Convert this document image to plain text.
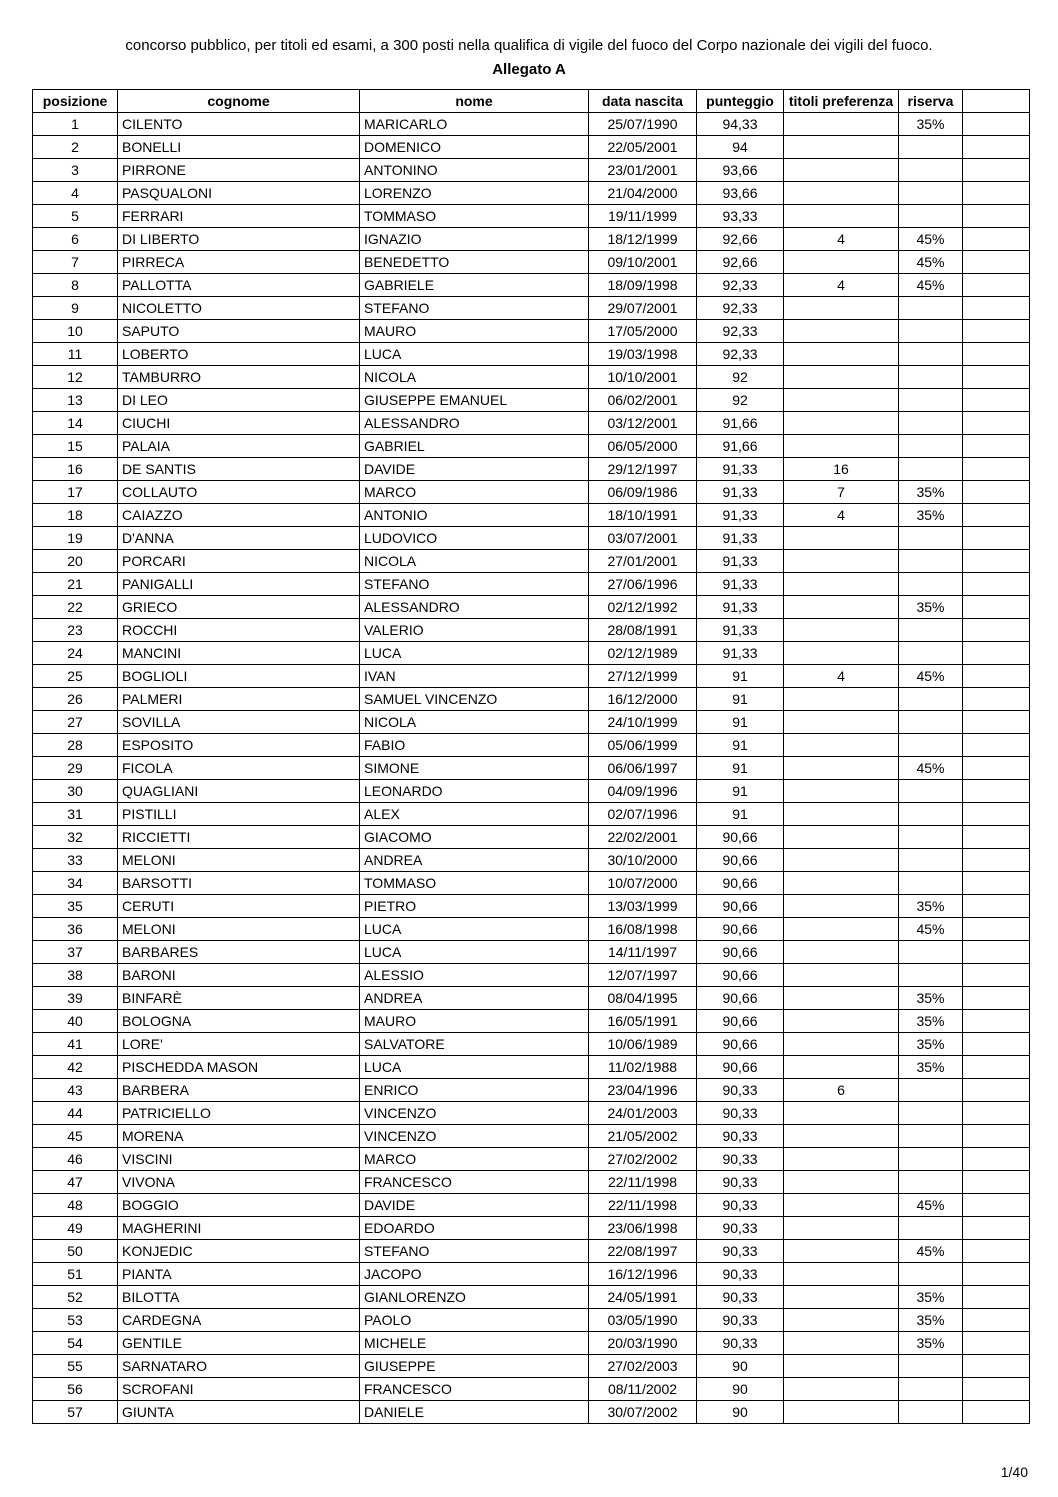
concorso pubblico, per titoli ed esami, a 300 posti nella qualifica di vigile del fuoco del Corpo nazionale dei vigili del fuoco.
Allegato A
posizione	cognome	nome	data nascita	punteggio	titoli preferenza	riserva	
1	CILENTO	MARICARLO	25/07/1990	94,33		35%	
2	BONELLI	DOMENICO	22/05/2001	94			
3	PIRRONE	ANTONINO	23/01/2001	93,66			
4	PASQUALONI	LORENZO	21/04/2000	93,66			
5	FERRARI	TOMMASO	19/11/1999	93,33			
6	DI LIBERTO	IGNAZIO	18/12/1999	92,66	4	45%	
7	PIRRECA	BENEDETTO	09/10/2001	92,66		45%	
8	PALLOTTA	GABRIELE	18/09/1998	92,33	4	45%	
9	NICOLETTO	STEFANO	29/07/2001	92,33			
10	SAPUTO	MAURO	17/05/2000	92,33			
11	LOBERTO	LUCA	19/03/1998	92,33			
12	TAMBURRO	NICOLA	10/10/2001	92			
13	DI LEO	GIUSEPPE EMANUEL	06/02/2001	92			
14	CIUCHI	ALESSANDRO	03/12/2001	91,66			
15	PALAIA	GABRIEL	06/05/2000	91,66			
16	DE SANTIS	DAVIDE	29/12/1997	91,33	16		
17	COLLAUTO	MARCO	06/09/1986	91,33	7	35%	
18	CAIAZZO	ANTONIO	18/10/1991	91,33	4	35%	
19	D'ANNA	LUDOVICO	03/07/2001	91,33			
20	PORCARI	NICOLA	27/01/2001	91,33			
21	PANIGALLI	STEFANO	27/06/1996	91,33			
22	GRIECO	ALESSANDRO	02/12/1992	91,33		35%	
23	ROCCHI	VALERIO	28/08/1991	91,33			
24	MANCINI	LUCA	02/12/1989	91,33			
25	BOGLIOLI	IVAN	27/12/1999	91	4	45%	
26	PALMERI	SAMUEL VINCENZO	16/12/2000	91			
27	SOVILLA	NICOLA	24/10/1999	91			
28	ESPOSITO	FABIO	05/06/1999	91			
29	FICOLA	SIMONE	06/06/1997	91		45%	
30	QUAGLIANI	LEONARDO	04/09/1996	91			
31	PISTILLI	ALEX	02/07/1996	91			
32	RICCIETTI	GIACOMO	22/02/2001	90,66			
33	MELONI	ANDREA	30/10/2000	90,66			
34	BARSOTTI	TOMMASO	10/07/2000	90,66			
35	CERUTI	PIETRO	13/03/1999	90,66		35%	
36	MELONI	LUCA	16/08/1998	90,66		45%	
37	BARBARES	LUCA	14/11/1997	90,66			
38	BARONI	ALESSIO	12/07/1997	90,66			
39	BINFARÈ	ANDREA	08/04/1995	90,66		35%	
40	BOLOGNA	MAURO	16/05/1991	90,66		35%	
41	LORE'	SALVATORE	10/06/1989	90,66		35%	
42	PISCHEDDA MASON	LUCA	11/02/1988	90,66		35%	
43	BARBERA	ENRICO	23/04/1996	90,33	6		
44	PATRICIELLO	VINCENZO	24/01/2003	90,33			
45	MORENA	VINCENZO	21/05/2002	90,33			
46	VISCINI	MARCO	27/02/2002	90,33			
47	VIVONA	FRANCESCO	22/11/1998	90,33			
48	BOGGIO	DAVIDE	22/11/1998	90,33		45%	
49	MAGHERINI	EDOARDO	23/06/1998	90,33			
50	KONJEDIC	STEFANO	22/08/1997	90,33		45%	
51	PIANTA	JACOPO	16/12/1996	90,33			
52	BILOTTA	GIANLORENZO	24/05/1991	90,33		35%	
53	CARDEGNA	PAOLO	03/05/1990	90,33		35%	
54	GENTILE	MICHELE	20/03/1990	90,33		35%	
55	SARNATARO	GIUSEPPE	27/02/2003	90			
56	SCROFANI	FRANCESCO	08/11/2002	90			
57	GIUNTA	DANIELE	30/07/2002	90			
1/40
